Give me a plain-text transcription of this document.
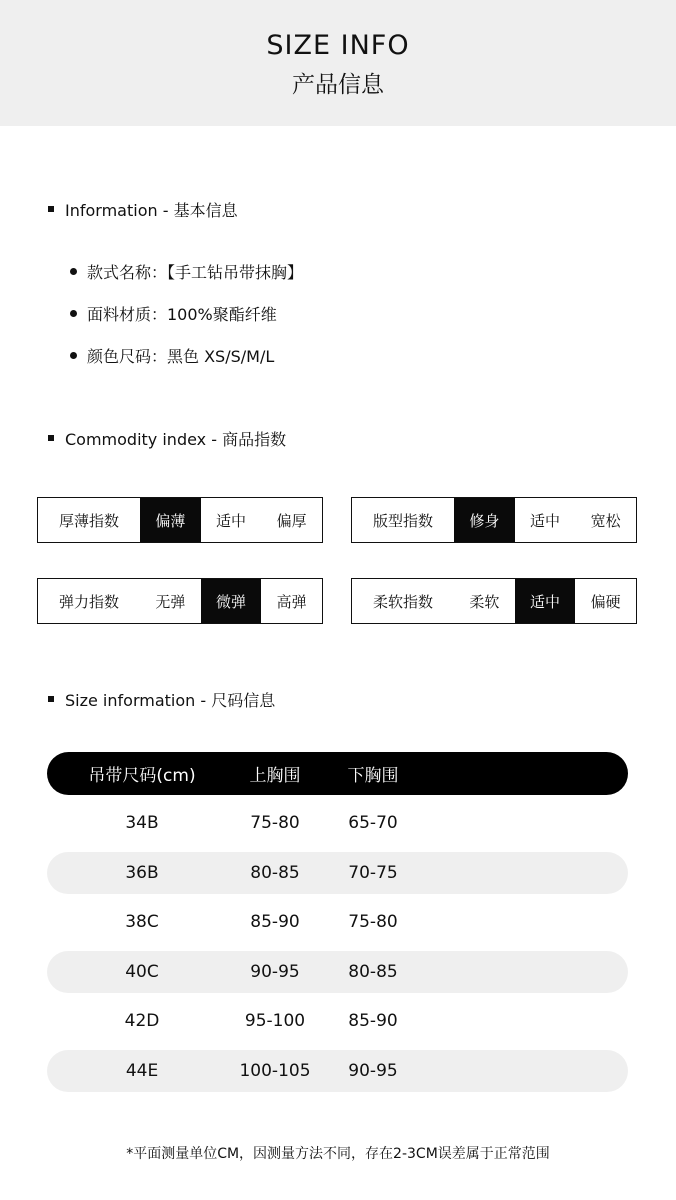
SIZE INFO
产品信息
Information - 基本信息
款式名称：【手工钻吊带抹胸】
面料材质：100%聚酯纤维
颜色尺码：黑色 XS/S/M/L
Commodity index - 商品指数
厚薄指数	偏薄	适中	偏厚	版型指数	修身	适中	宽松
弹力指数	无弹	微弹	高弹	柔软指数	柔软	适中	偏硬
Size information - 尺码信息
吊带尺码(cm)	上胸围	下胸围
34B	75-80	65-70
36B	80-85	70-75
38C	85-90	75-80
40C	90-95	80-85
42D	95-100	85-90
44E	100-105	90-95
*平面测量单位CM，因测量方法不同，存在2-3CM误差属于正常范围
